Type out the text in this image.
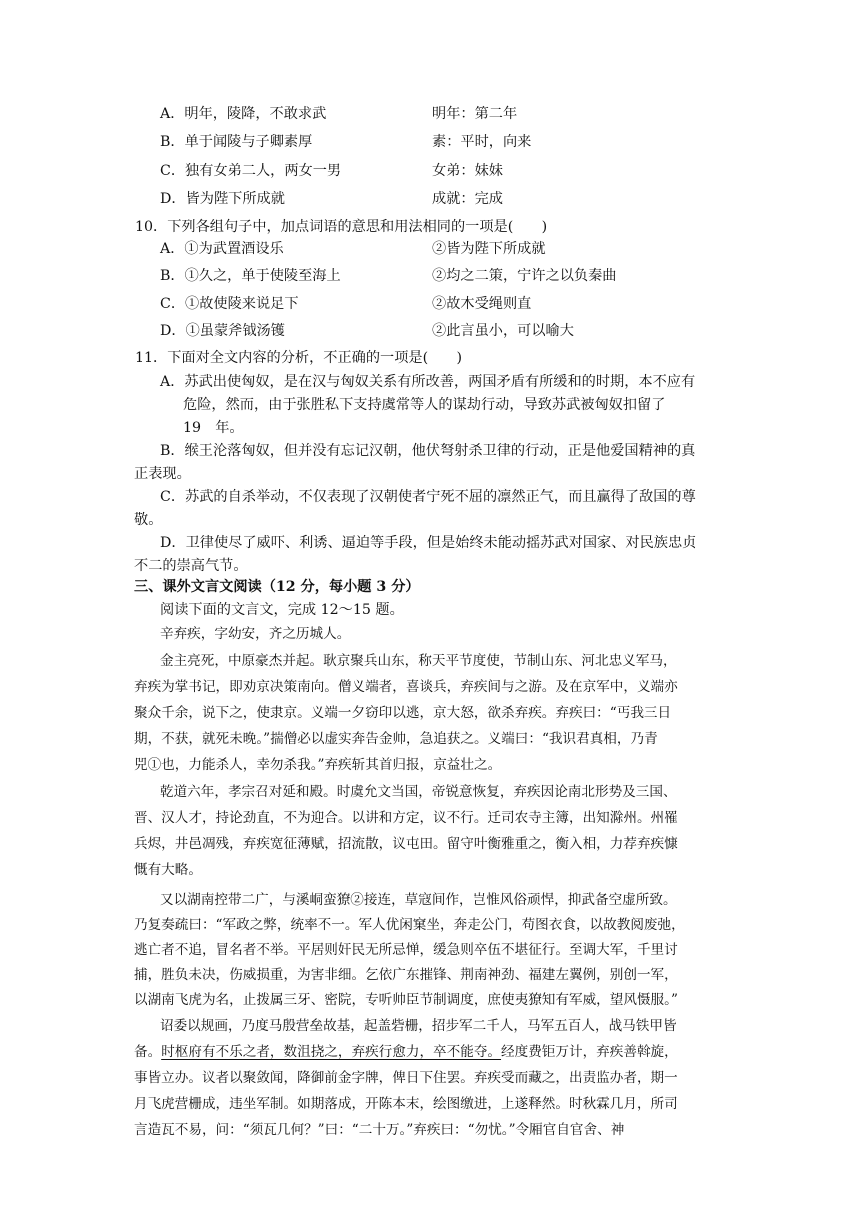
A．明年，陵降，不敢求武	明年：第二年
B．单于闻陵与子卿素厚	素：平时，向来
C．独有女弟二人，两女一男	女弟：妹妹
D．皆为陛下所成就	成就：完成
10．下列各组句子中，加点词语的意思和用法相同的一项是(　　)
A．①为武置酒设乐	②皆为陛下所成就
B．①久之，单于使陵至海上	②均之二策，宁许之以负秦曲
C．①故使陵来说足下	②故木受绳则直
D．①虽蒙斧钺汤镬	②此言虽小，可以喻大
11．下面对全文内容的分析，不正确的一项是(　　)
A．苏武出使匈奴，是在汉与匈奴关系有所改善，两国矛盾有所缓和的时期，本不应有
危险，然而，由于张胜私下支持虞常等人的谋劫行动，导致苏武被匈奴扣留了
19　年。
B．缑王沦落匈奴，但并没有忘记汉朝，他伏弩射杀卫律的行动，正是他爱国精神的真
正表现。
C．苏武的自杀举动，不仅表现了汉朝使者宁死不屈的凛然正气，而且赢得了敌国的尊
敬。
D．卫律使尽了威吓、利诱、逼迫等手段，但是始终未能动摇苏武对国家、对民族忠贞
不二的崇高气节。
三、课外文言文阅读（12 分，每小题 3 分）
阅读下面的文言文，完成 12～15 题。
辛弃疾，字幼安，齐之历城人。
金主亮死，中原豪杰并起。耿京聚兵山东，称天平节度使，节制山东、河北忠义军马，
弃疾为掌书记，即劝京决策南向。僧义端者，喜谈兵，弃疾间与之游。及在京军中，义端亦
聚众千余，说下之，使隶京。义端一夕窃印以逃，京大怒，欲杀弃疾。弃疾曰：“丐我三日
期，不获，就死未晚。”揣僧必以虚实奔告金帅，急追获之。义端曰：“我识君真相，乃青
兕①也，力能杀人，幸勿杀我。”弃疾斩其首归报，京益壮之。
乾道六年，孝宗召对延和殿。时虞允文当国，帝锐意恢复，弃疾因论南北形势及三国、
晋、汉人才，持论劲直，不为迎合。以讲和方定，议不行。迁司农寺主簿，出知滁州。州罹
兵烬，井邑凋残，弃疾宽征薄赋，招流散，议屯田。留守叶衡雅重之，衡入相，力荐弃疾慷
慨有大略。
又以湖南控带二广，与溪峒蛮獠②接连，草寇间作，岂惟风俗顽悍，抑武备空虚所致。
乃复奏疏曰：“军政之弊，统率不一。军人优闲窠坐，奔走公门，苟图衣食，以故教阅废弛，
逃亡者不追，冒名者不举。平居则奸民无所忌惮，缓急则卒伍不堪征行。至调大军，千里讨
捕，胜负未决，伤威损重，为害非细。乞依广东摧锋、荆南神劲、福建左翼例，别创一军，
以湖南飞虎为名，止拨属三牙、密院，专听帅臣节制调度，庶使夷獠知有军威，望风慑服。”
诏委以规画，乃度马殷营垒故基，起盖砦栅，招步军二千人，马军五百人，战马铁甲皆
备。时枢府有不乐之者，数沮挠之，弃疾行愈力，卒不能夺。经度费钜万计，弃疾善斡旋，
事皆立办。议者以聚敛闻，降御前金字牌，俾日下住罢。弃疾受而藏之，出责监办者，期一
月飞虎营栅成，违坐军制。如期落成，开陈本末，绘图缴进，上遂释然。时秋霖几月，所司
言造瓦不易，问：“须瓦几何？”曰：“二十万。”弃疾曰：“勿忧。”令厢官自官舍、神
